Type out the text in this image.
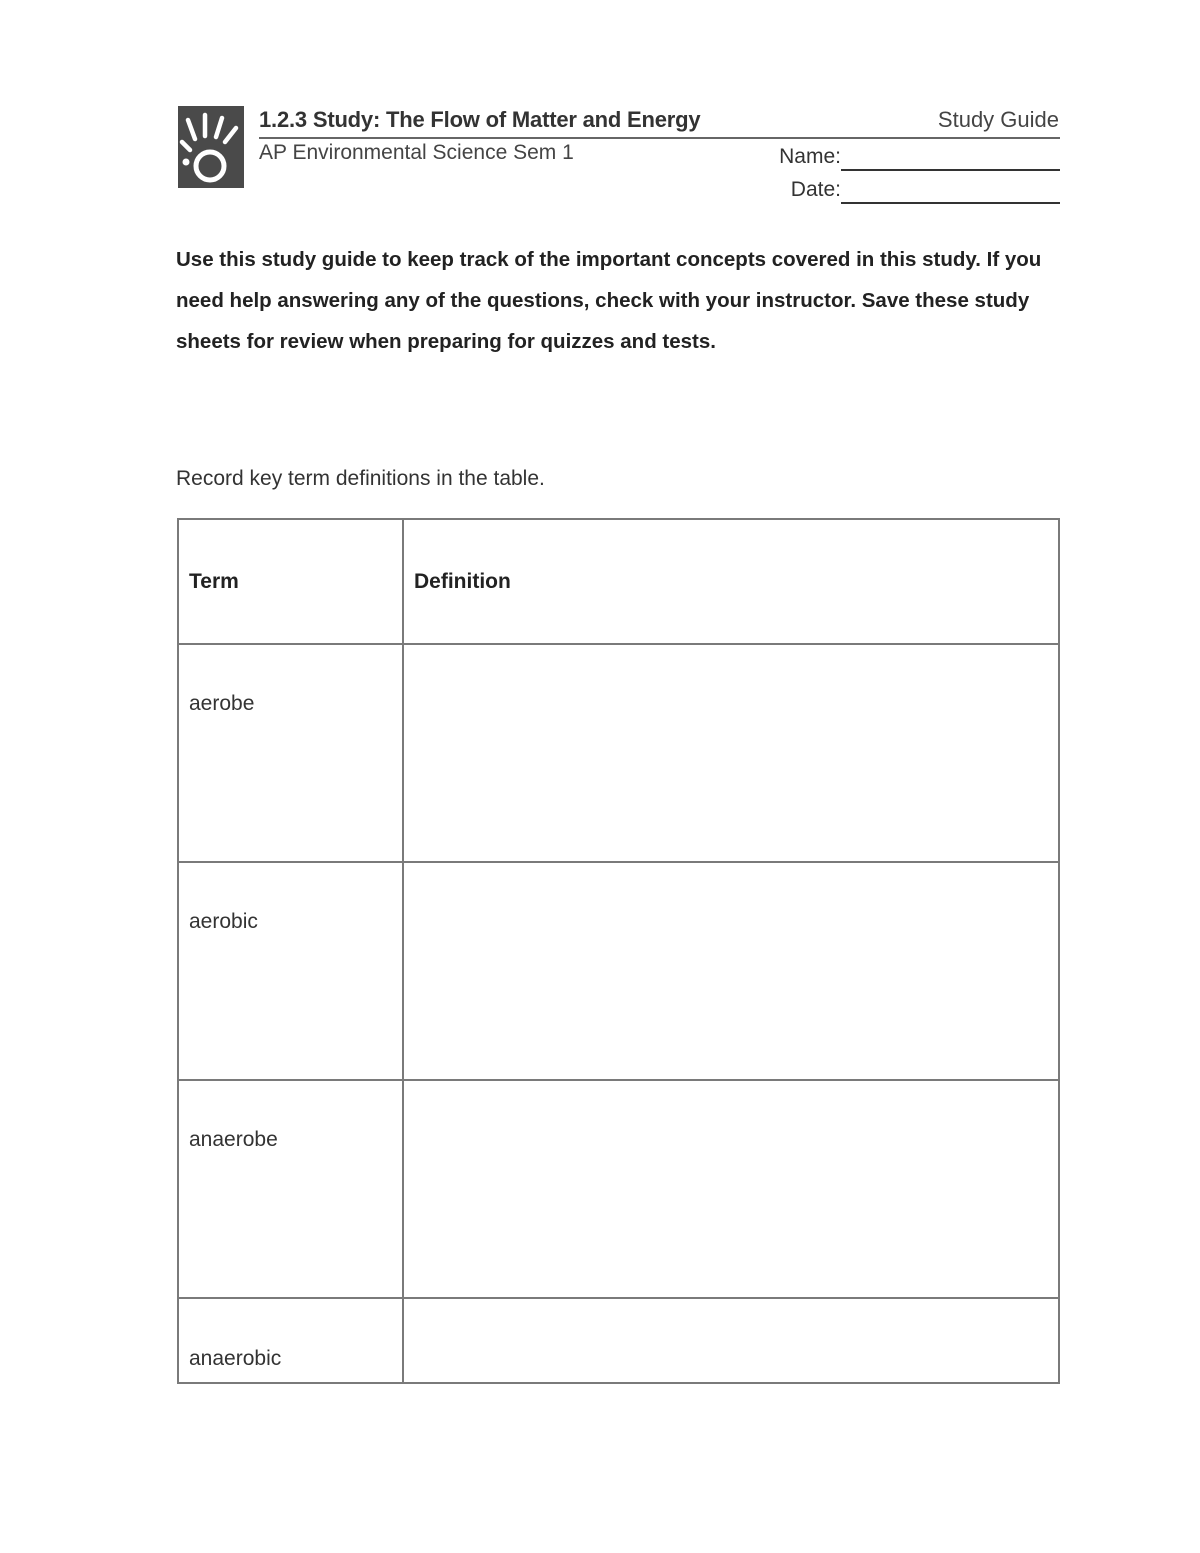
1.2.3 Study: The Flow of Matter and Energy	Study Guide
AP Environmental Science Sem 1	Name:
Date:
Use this study guide to keep track of the important concepts covered in this study. If you need help answering any of the questions, check with your instructor. Save these study sheets for review when preparing for quizzes and tests.
Record key term definitions in the table.
Term	Definition
aerobe	
aerobic	
anaerobe	
anaerobic	
